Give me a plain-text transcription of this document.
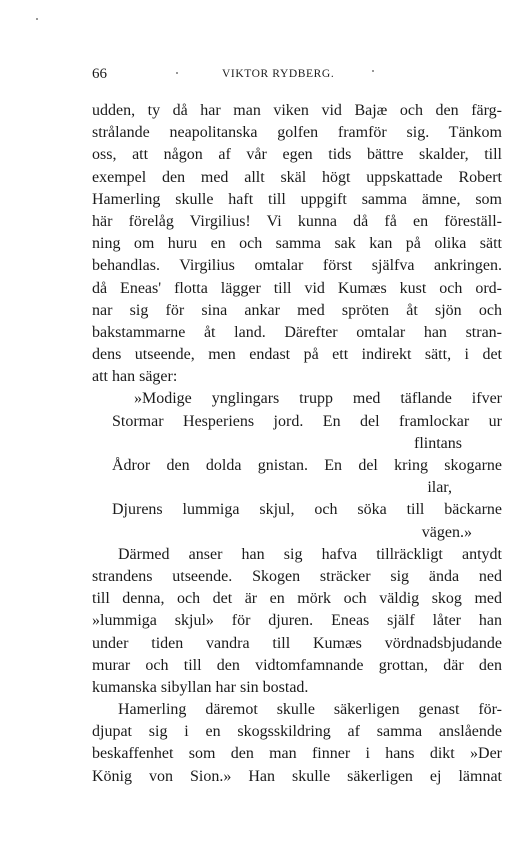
66	VIKTOR RYDBERG.
udden, ty då har man viken vid Bajæ och den färg-
strålande neapolitanska golfen framför sig. Tänkom
oss, att någon af vår egen tids bättre skalder, till
exempel den med allt skäl högt uppskattade Robert
Hamerling skulle haft till uppgift samma ämne, som
här förelåg Virgilius! Vi kunna då få en föreställ-
ning om huru en och samma sak kan på olika sätt
behandlas. Virgilius omtalar först själfva ankringen.
då Eneas' flotta lägger till vid Kumæs kust och ord-
nar sig för sina ankar med spröten åt sjön och
bakstammarne åt land. Därefter omtalar han stran-
dens utseende, men endast på ett indirekt sätt, i det
att han säger:
»Modige ynglingars trupp med täflande ifver
Stormar Hesperiens jord. En del framlockar ur
flintans
Ådror den dolda gnistan. En del kring skogarne
ilar,
Djurens lummiga skjul, och söka till bäckarne
vägen.»
Därmed anser han sig hafva tillräckligt antydt
strandens utseende. Skogen sträcker sig ända ned
till denna, och det är en mörk och väldig skog med
»lummiga skjul» för djuren. Eneas själf låter han
under tiden vandra till Kumæs vördnadsbjudande
murar och till den vidtomfamnande grottan, där den
kumanska sibyllan har sin bostad.
Hamerling däremot skulle säkerligen genast för-
djupat sig i en skogsskildring af samma anslående
beskaffenhet som den man finner i hans dikt »Der
König von Sion.» Han skulle säkerligen ej lämnat
